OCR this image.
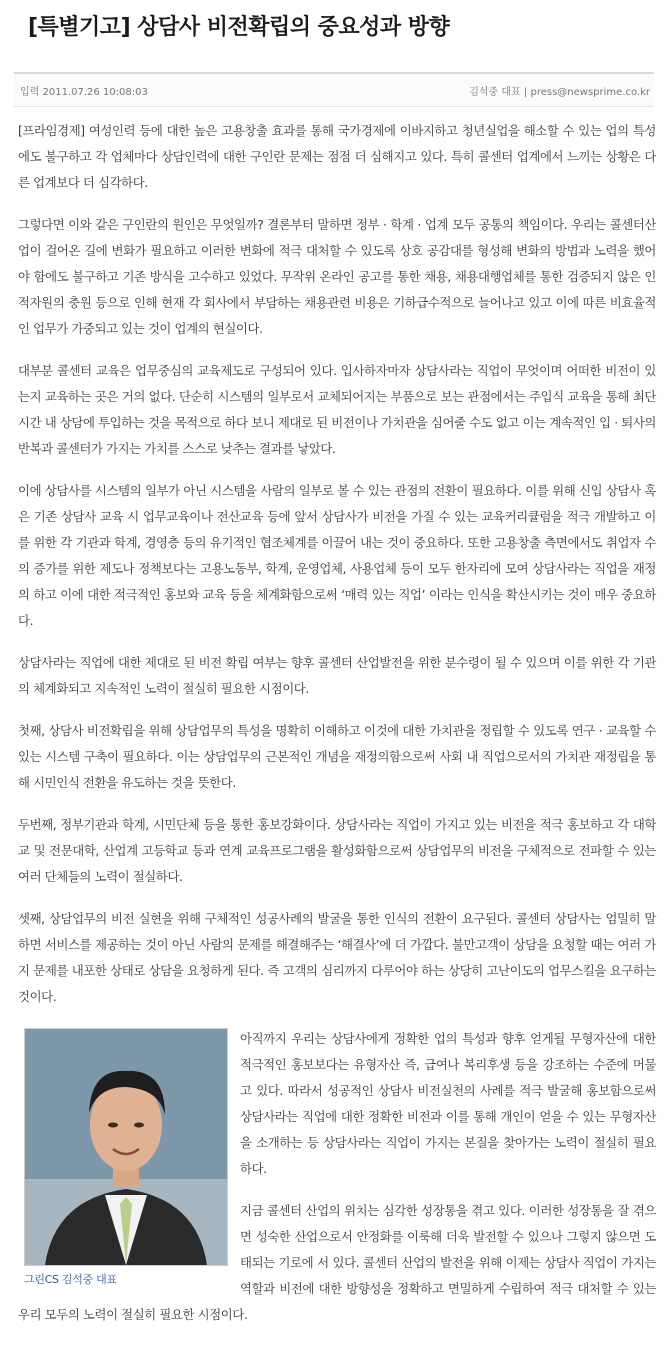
[특별기고] 상담사 비전확립의 중요성과 방향
입력 2011.07.26 10:08:03	김석중 대표 | press@newsprime.co.kr

[프라임경제] 여성인력 등에 대한 높은 고용창출 효과를 통해 국가경제에 이바지하고 청년실업을 해소할 수 있는 업의 특성에도 불구하고 각 업체마다 상담인력에 대한 구인란 문제는 점점 더 심해지고 있다. 특히 콜센터 업계에서 느끼는 상황은 다른 업계보다 더 심각하다.

그렇다면 이와 같은 구인란의 원인은 무엇일까? 결론부터 말하면 정부 · 학계 · 업계 모두 공통의 책임이다. 우리는 콜센터산업이 걸어온 길에 변화가 필요하고 이러한 변화에 적극 대처할 수 있도록 상호 공감대를 형성해 변화의 방법과 노력을 했어야 함에도 불구하고 기존 방식을 고수하고 있었다. 무작위 온라인 공고를 통한 채용, 채용대행업체를 통한 검증되지 않은 인적자원의 충원 등으로 인해 현재 각 회사에서 부담하는 채용관련 비용은 기하급수적으로 늘어나고 있고 이에 따른 비효율적인 업무가 가중되고 있는 것이 업계의 현실이다.

대부분 콜센터 교육은 업무중심의 교육제도로 구성되어 있다. 입사하자마자 상담사라는 직업이 무엇이며 어떠한 비전이 있는지 교육하는 곳은 거의 없다. 단순히 시스템의 일부로서 교체되어지는 부품으로 보는 관점에서는 주입식 교육을 통해 최단 시간 내 상담에 투입하는 것을 목적으로 하다 보니 제대로 된 비전이나 가치관을 심어줄 수도 없고 이는 계속적인 입 · 퇴사의 반복과 콜센터가 가지는 가치를 스스로 낮추는 결과를 낳았다.

이에 상담사를 시스템의 일부가 아닌 시스템을 사람의 일부로 볼 수 있는 관점의 전환이 필요하다. 이를 위해 신입 상담사 혹은 기존 상담사 교육 시 업무교육이나 전산교육 등에 앞서 상담사가 비전을 가질 수 있는 교육커리큘럼을 적극 개발하고 이를 위한 각 기관과 학계, 경영층 등의 유기적인 협조체계를 이끌어 내는 것이 중요하다. 또한 고용창출 측면에서도 취업자 수의 증가를 위한 제도나 정책보다는 고용노동부, 학계, 운영업체, 사용업체 등이 모두 한자리에 모여 상담사라는 직업을 재정의 하고 이에 대한 적극적인 홍보와 교육 등을 체계화함으로써 ‘매력 있는 직업’ 이라는 인식을 확산시키는 것이 매우 중요하다.

상담사라는 직업에 대한 제대로 된 비전 확립 여부는 향후 콜센터 산업발전을 위한 분수령이 될 수 있으며 이를 위한 각 기관의 체계화되고 지속적인 노력이 절실히 필요한 시점이다.

첫째, 상담사 비전확립을 위해 상담업무의 특성을 명확히 이해하고 이것에 대한 가치관을 정립할 수 있도록 연구 · 교육할 수 있는 시스템 구축이 필요하다. 이는 상담업무의 근본적인 개념을 재정의함으로써 사회 내 직업으로서의 가치관 재정립을 통해 시민인식 전환을 유도하는 것을 뜻한다.

두번째, 정부기관과 학계, 시민단체 등을 통한 홍보강화이다. 상담사라는 직업이 가지고 있는 비전을 적극 홍보하고 각 대학교 및 전문대학, 산업계 고등학교 등과 연계 교육프로그램을 활성화함으로써 상담업무의 비전을 구체적으로 전파할 수 있는 여러 단체들의 노력이 절실하다.

셋째, 상담업무의 비전 실현을 위해 구체적인 성공사례의 발굴을 통한 인식의 전환이 요구된다. 콜센터 상담사는 엄밀히 말하면 서비스를 제공하는 것이 아닌 사람의 문제를 해결해주는 ‘해결사’에 더 가깝다. 불만고객이 상담을 요청할 때는 여러 가지 문제를 내포한 상태로 상담을 요청하게 된다. 즉 고객의 심리까지 다루어야 하는 상당히 고난이도의 업무스킬을 요구하는 것이다.

그린CS 김석중 대표

아직까지 우리는 상담사에게 정확한 업의 특성과 향후 얻게될 무형자산에 대한 적극적인 홍보보다는 유형자산 즉, 급여나 복리후생 등을 강조하는 수준에 머물고 있다. 따라서 성공적인 상담사 비전실천의 사례를 적극 발굴해 홍보함으로써 상담사라는 직업에 대한 정확한 비전과 이를 통해 개인이 얻을 수 있는 무형자산을 소개하는 등 상담사라는 직업이 가지는 본질을 찾아가는 노력이 절실히 필요하다.

지금 콜센터 산업의 위치는 심각한 성장통을 겪고 있다. 이러한 성장통을 잘 겪으면 성숙한 산업으로서 안정화를 이룩해 더욱 발전할 수 있으나 그렇지 않으면 도태되는 기로에 서 있다. 콜센터 산업의 발전을 위해 이제는 상담사 직업이 가지는 역할과 비전에 대한 방향성을 정확하고 면밀하게 수립하여 적극 대처할 수 있는 우리 모두의 노력이 절실히 필요한 시점이다.
